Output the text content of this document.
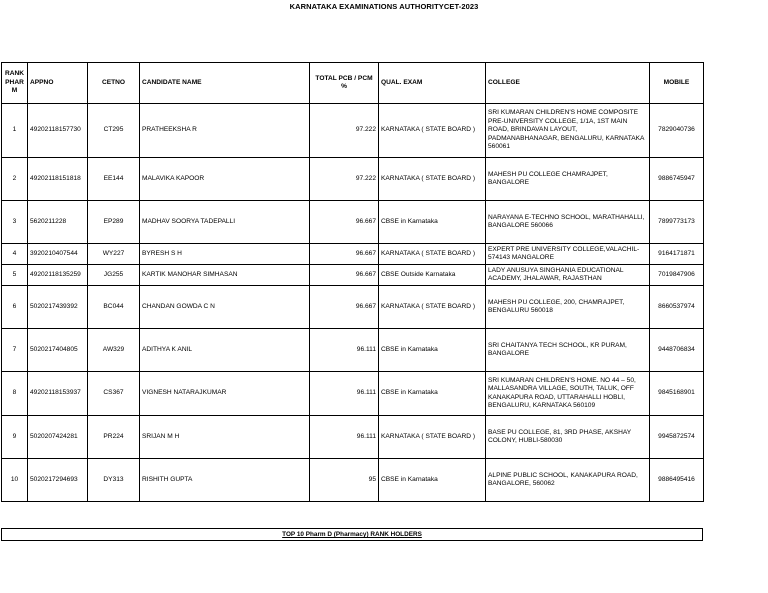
KARNATAKA EXAMINATIONS AUTHORITYCET-2023
RANK PHAR M	APPNO	CETNO	CANDIDATE NAME	TOTAL PCB / PCM %	QUAL. EXAM	COLLEGE	MOBILE
1	49202118157730	CT295	PRATHEEKSHA R	97.222	KARNATAKA ( STATE BOARD )	SRI KUMARAN CHILDREN'S HOME COMPOSITE PRE-UNIVERSITY COLLEGE, 1/1A, 1ST MAIN ROAD, BRINDAVAN LAYOUT, PADMANABHANAGAR, BENGALURU, KARNATAKA 560061	7829040736
2	49202118151818	EE144	MALAVIKA KAPOOR	97.222	KARNATAKA ( STATE BOARD )	MAHESH PU COLLEGE CHAMRAJPET, BANGALORE	9886745947
3	5620211228	EP289	MADHAV SOORYA TADEPALLI	96.667	CBSE in Karnataka	NARAYANA E-TECHNO SCHOOL, MARATHAHALLI, BANGALORE 560066	7899773173
4	3920210407544	WY227	BYRESH S H	96.667	KARNATAKA ( STATE BOARD )	EXPERT PRE UNIVERSITY COLLEGE,VALACHIL-574143 MANGALORE	9164171871
5	49202118135259	JG255	KARTIK MANOHAR SIMHASAN	96.667	CBSE Outside Karnataka	LADY ANUSUYA SINGHANIA EDUCATIONAL ACADEMY, JHALAWAR, RAJASTHAN	7019847906
6	5020217439392	BC044	CHANDAN GOWDA C N	96.667	KARNATAKA ( STATE BOARD )	MAHESH PU COLLEGE, 200, CHAMRAJPET, BENGALURU 560018	8660537974
7	5020217404805	AW329	ADITHYA K ANIL	96.111	CBSE in Karnataka	SRI CHAITANYA TECH SCHOOL, KR PURAM, BANGALORE	9448706834
8	49202118153937	CS367	VIGNESH NATARAJKUMAR	96.111	CBSE in Karnataka	SRI KUMARAN CHILDREN'S HOME. NO 44 – 50, MALLASANDRA VILLAGE, SOUTH, TALUK, OFF KANAKAPURA ROAD, UTTARAHALLI HOBLI, BENGALURU, KARNATAKA 560109	9845168901
9	5020207424281	PR224	SRIJAN M H	96.111	KARNATAKA ( STATE BOARD )	BASE PU COLLEGE, 81, 3RD PHASE, AKSHAY COLONY, HUBLI-580030	9945872574
10	5020217294693	DY313	RISHITH GUPTA	95	CBSE in Karnataka	ALPINE PUBLIC SCHOOL, KANAKAPURA ROAD, BANGALORE, 560062	9886495416
TOP 10 Pharm D (Pharmacy) RANK HOLDERS
